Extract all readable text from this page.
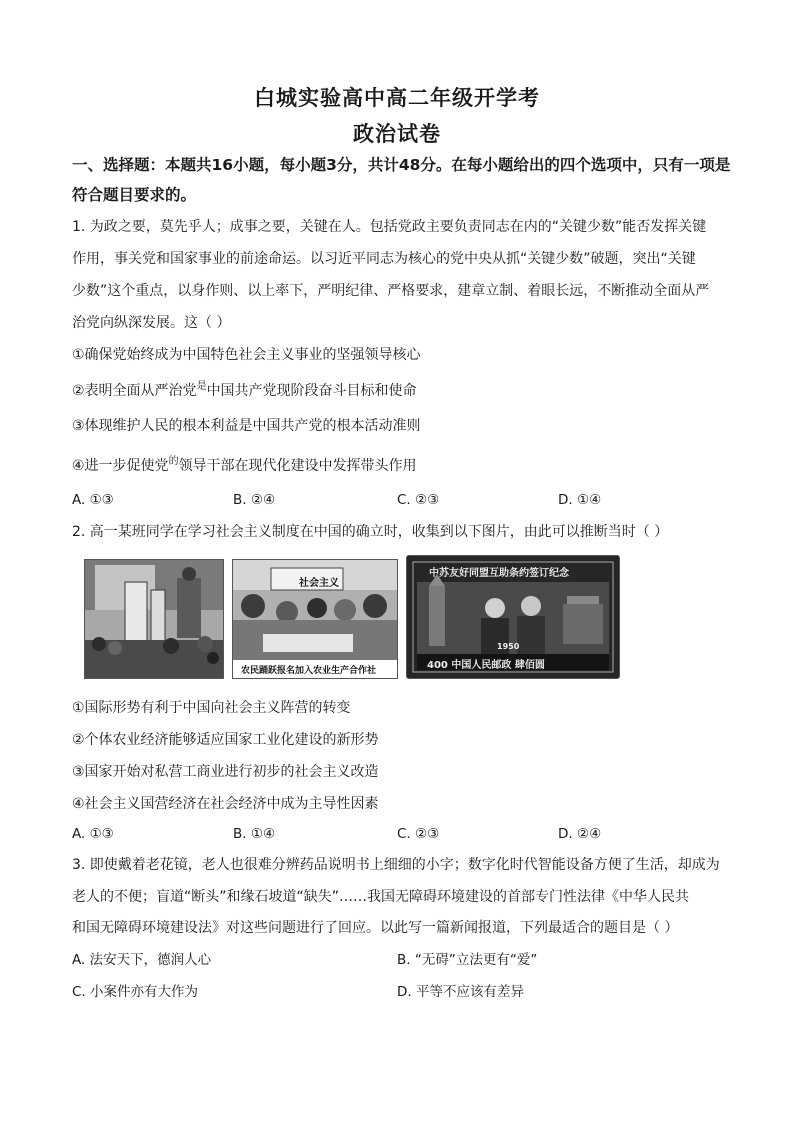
白城实验高中高二年级开学考
政治试卷
一、选择题：本题共16小题，每小题3分，共计48分。在每小题给出的四个选项中，只有一项是符合题目要求的。
1. 为政之要，莫先乎人；成事之要，关键在人。包括党政主要负责同志在内的“关键少数”能否发挥关键
作用，事关党和国家事业的前途命运。以习近平同志为核心的党中央从抓“关键少数”破题，突出“关键
少数”这个重点，以身作则、以上率下，严明纪律、严格要求，建章立制、着眼长远，不断推动全面从严
治党向纵深发展。这（ ）
①确保党始终成为中国特色社会主义事业的坚强领导核心
②表明全面从严治党$^是$中国共产党现阶段奋斗目标和使命
③体现维护人民的根本利益是中国共产党的根本活动准则
④进一步促使党$^的$领导干部在现代化建设中发挥带头作用
A. ①③	B. ②④	C. ②③	D. ①④
2. 高一某班同学在学习社会主义制度在中国的确立时，收集到以下图片，由此可以推断当时（ ）
社会主义
农民踊跃报名加入农业生产合作社
中苏友好同盟互助条约签订纪念
1950
400 中国人民邮政 肆佰圆
①国际形势有利于中国向社会主义阵营的转变
②个体农业经济能够适应国家工业化建设的新形势
③国家开始对私营工商业进行初步的社会主义改造
④社会主义国营经济在社会经济中成为主导性因素
A. ①③	B. ①④	C. ②③	D. ②④
3. 即使戴着老花镜，老人也很难分辨药品说明书上细细的小字；数字化时代智能设备方便了生活，却成为
老人的不便；盲道“断头”和缘石坡道“缺失”……我国无障碍环境建设的首部专门性法律《中华人民共
和国无障碍环境建设法》对这些问题进行了回应。以此写一篇新闻报道，下列最适合的题目是（ ）
A. 法安天下，德润人心	B. “无碍”立法更有“爱”
C. 小案件亦有大作为	D. 平等不应该有差异
